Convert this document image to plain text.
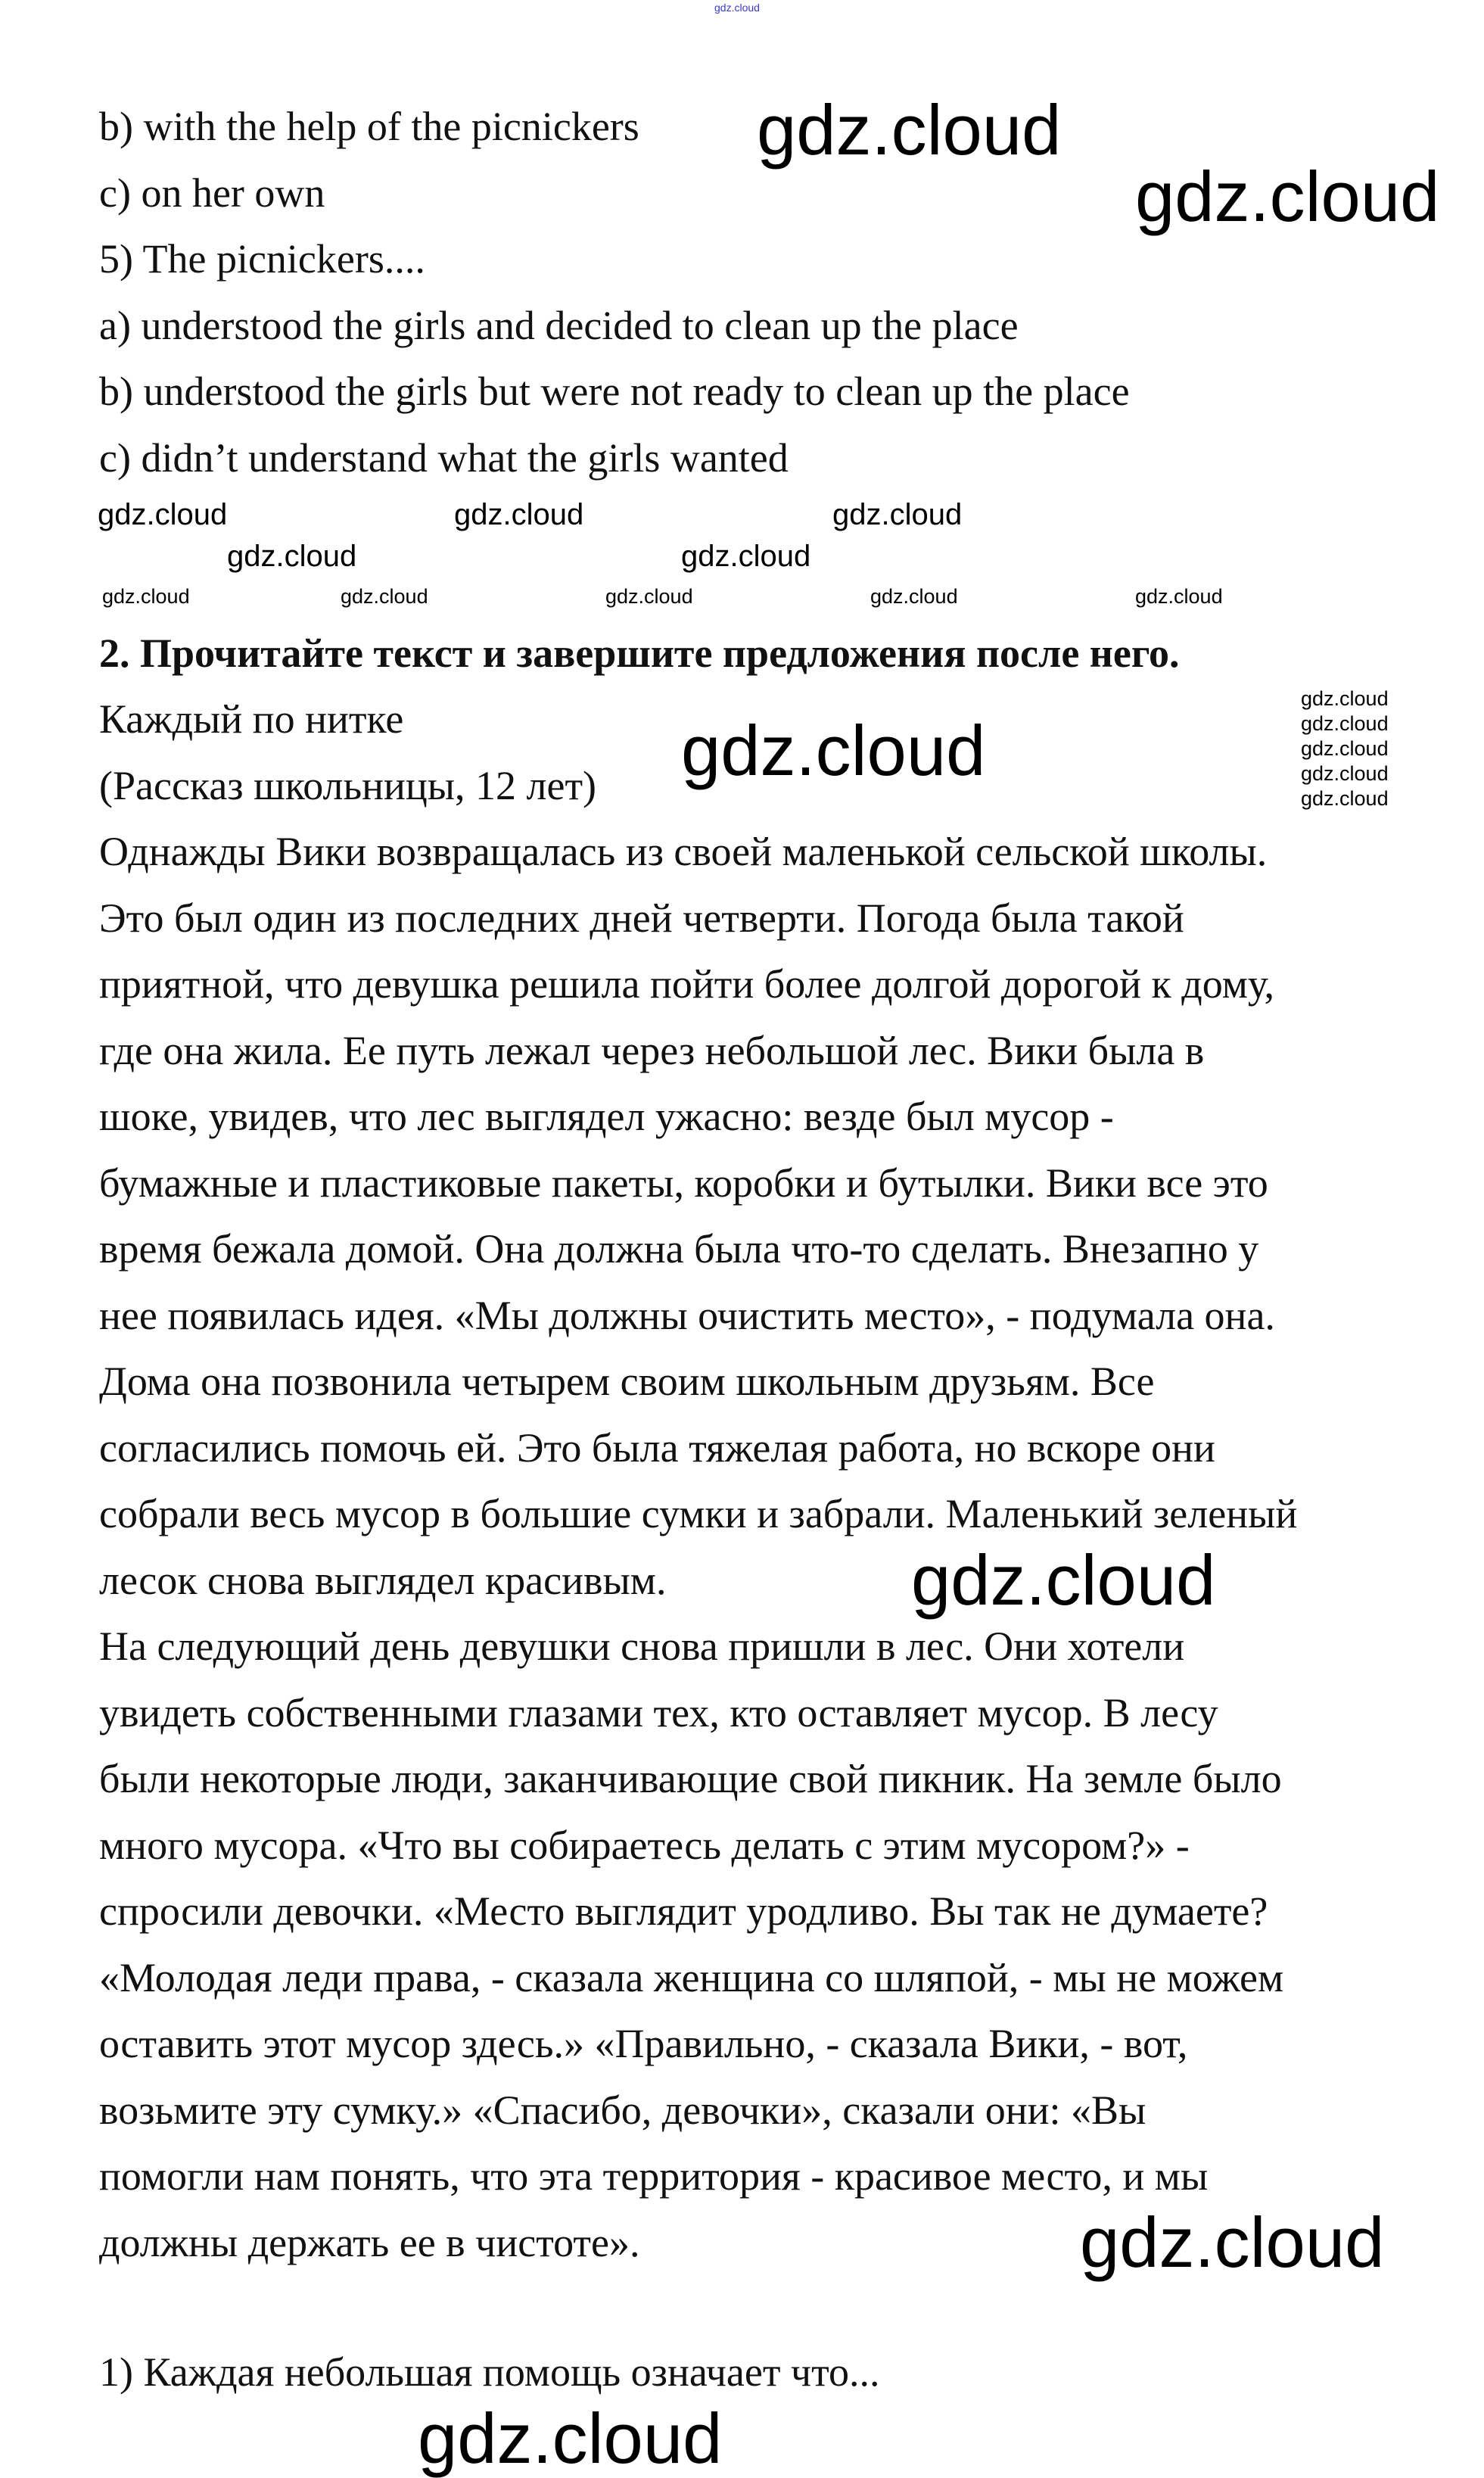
должны держать ее в чистоте».
помогли нам понять, что эта территория - красивое место, и мы
возьмите эту сумку.» «Спасибо, девочки», сказали они: «Вы
оставить этот мусор здесь.» «Правильно, - сказала Вики, - вот,
«Молодая леди права, - сказала женщина со шляпой, - мы не можем
спросили девочки. «Место выглядит уродливо. Вы так не думаете?
много мусора. «Что вы собираетесь делать с этим мусором?» -
были некоторые люди, заканчивающие свой пикник. На земле было
увидеть собственными глазами тех, кто оставляет мусор. В лесу
На следующий день девушки снова пришли в лес. Они хотели
лесок снова выглядел красивым.
собрали весь мусор в большие сумки и забрали. Маленький зеленый
согласились помочь ей. Это была тяжелая работа, но вскоре они
Дома она позвонила четырем своим школьным друзьям. Все
нее появилась идея. «Мы должны очистить место», - подумала она.
время бежала домой. Она должна была что-то сделать. Внезапно у
бумажные и пластиковые пакеты, коробки и бутылки. Вики все это
шоке, увидев, что лес выглядел ужасно: везде был мусор -
где она жила. Ее путь лежал через небольшой лес. Вики была в
приятной, что девушка решила пойти более долгой дорогой к дому,
Это был один из последних дней четверти. Погода была такой
Однажды Вики возвращалась из своей маленькой сельской школы.
(Рассказ школьницы, 12 лет)
Каждый по нитке
c) didn’t understand what the girls wanted
b) understood the girls but were not ready to clean up the place
a) understood the girls and decided to clean up the place
5) The picnickers....
c) on her own
b) with the help of the picnickers
2. Прочитайте текст и завершите предложения после него.
1) Каждая небольшая помощь означает что...
gdz.cloud
gdz.cloud
gdz.cloud
gdz.cloud
gdz.cloud
gdz.cloud
gdz.cloud
gdz.cloud	gdz.cloud	gdz.cloud
gdz.cloud	gdz.cloud
gdz.cloud	gdz.cloud	gdz.cloud	gdz.cloud	gdz.cloud
gdz.cloud
gdz.cloud
gdz.cloud
gdz.cloud
gdz.cloud
